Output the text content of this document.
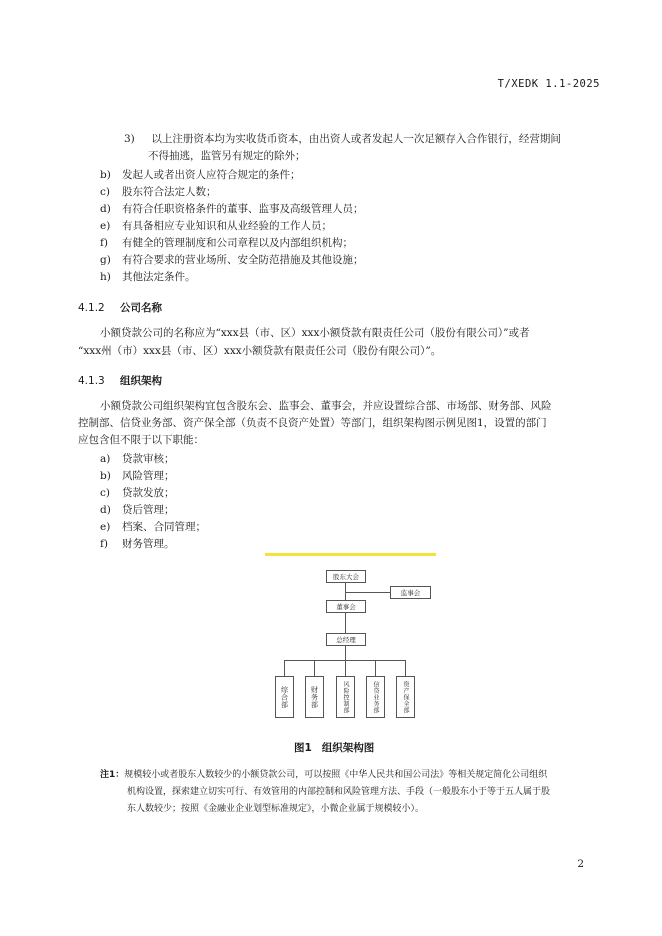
T/XEDK 1.1-2025
3) 以上注册资本均为实收货币资本，由出资人或者发起人一次足额存入合作银行，经营期间
不得抽逃，监管另有规定的除外；
b) 发起人或者出资人应符合规定的条件；
c) 股东符合法定人数；
d) 有符合任职资格条件的董事、监事及高级管理人员；
e) 有具备相应专业知识和从业经验的工作人员；
f) 有健全的管理制度和公司章程以及内部组织机构；
g) 有符合要求的营业场所、安全防范措施及其他设施；
h) 其他法定条件。
4.1.2 公司名称
小额贷款公司的名称应为“xxx县（市、区）xxx小额贷款有限责任公司（股份有限公司）”或者
“xxx州（市）xxx县（市、区）xxx小额贷款有限责任公司（股份有限公司）”。
4.1.3 组织架构
小额贷款公司组织架构宜包含股东会、监事会、董事会，并应设置综合部、市场部、财务部、风险
控制部、信贷业务部、资产保全部（负责不良资产处置）等部门，组织架构图示例见图1，设置的部门
应包含但不限于以下职能：
a) 贷款审核；
b) 风险管理；
c) 贷款发放；
d) 贷后管理；
e) 档案、合同管理；
f) 财务管理。
股东大会
监事会
董事会
总经理
综合部	财务部	风险控制部	信贷业务部	资产保全部
图1 组织架构图
注1：规模较小或者股东人数较少的小额贷款公司，可以按照《中华人民共和国公司法》等相关规定简化公司组织
机构设置，探索建立切实可行、有效管用的内部控制和风险管理方法、手段（一般股东小于等于五人属于股
东人数较少；按照《金融业企业划型标准规定》，小微企业属于规模较小）。
2
